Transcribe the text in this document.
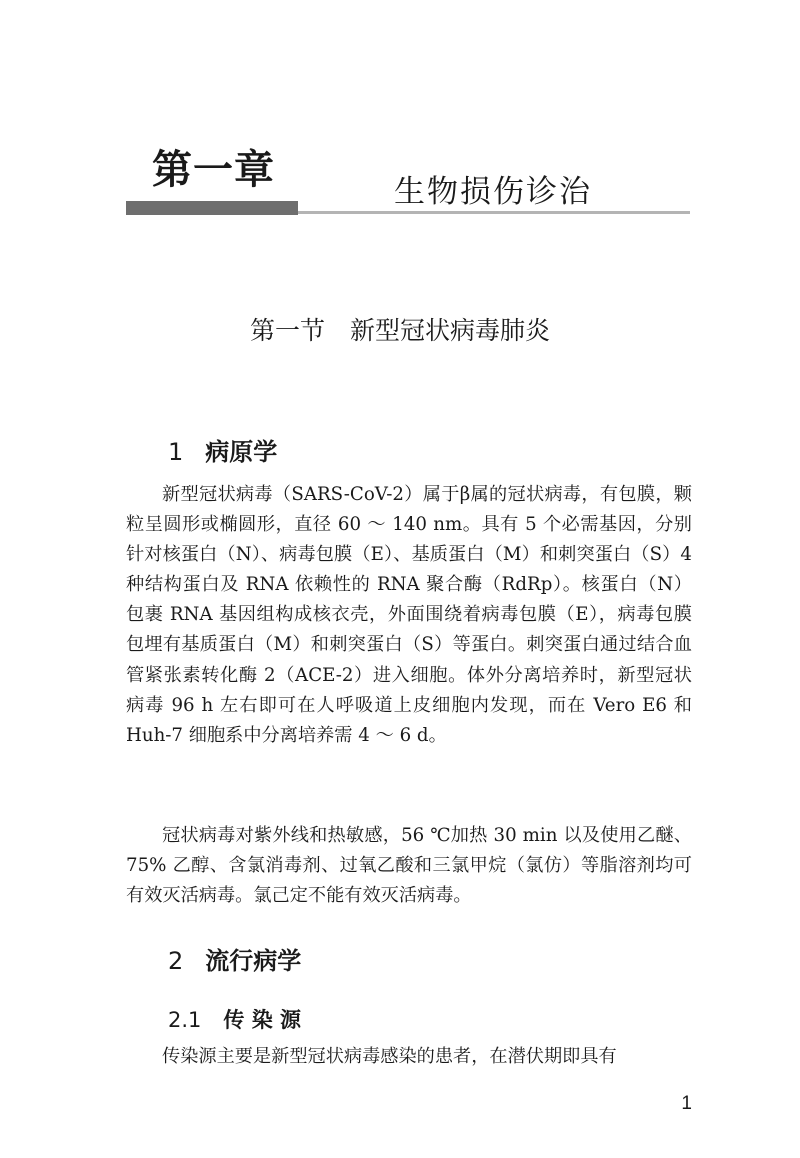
第一章	生物损伤诊治
第一节　新型冠状病毒肺炎
1 病原学

新型冠状病毒（SARS-CoV-2）属于β属的冠状病毒，有包膜，颗粒呈圆形或椭圆形，直径 60 ～ 140 nm。具有 5 个必需基因，分别针对核蛋白（N）、病毒包膜（E）、基质蛋白（M）和刺突蛋白（S）4 种结构蛋白及 RNA 依赖性的 RNA 聚合酶（RdRp）。核蛋白（N）包裹 RNA 基因组构成核衣壳，外面围绕着病毒包膜（E），病毒包膜包埋有基质蛋白（M）和刺突蛋白（S）等蛋白。刺突蛋白通过结合血管紧张素转化酶 2（ACE-2）进入细胞。体外分离培养时，新型冠状病毒 96 h 左右即可在人呼吸道上皮细胞内发现，而在 Vero E6 和 Huh-7 细胞系中分离培养需 4 ～ 6 d。

冠状病毒对紫外线和热敏感，56 ℃加热 30 min 以及使用乙醚、75% 乙醇、含氯消毒剂、过氧乙酸和三氯甲烷（氯仿）等脂溶剂均可有效灭活病毒。氯己定不能有效灭活病毒。

2 流行病学
2.1 传 染 源

传染源主要是新型冠状病毒感染的患者，在潜伏期即具有

1
